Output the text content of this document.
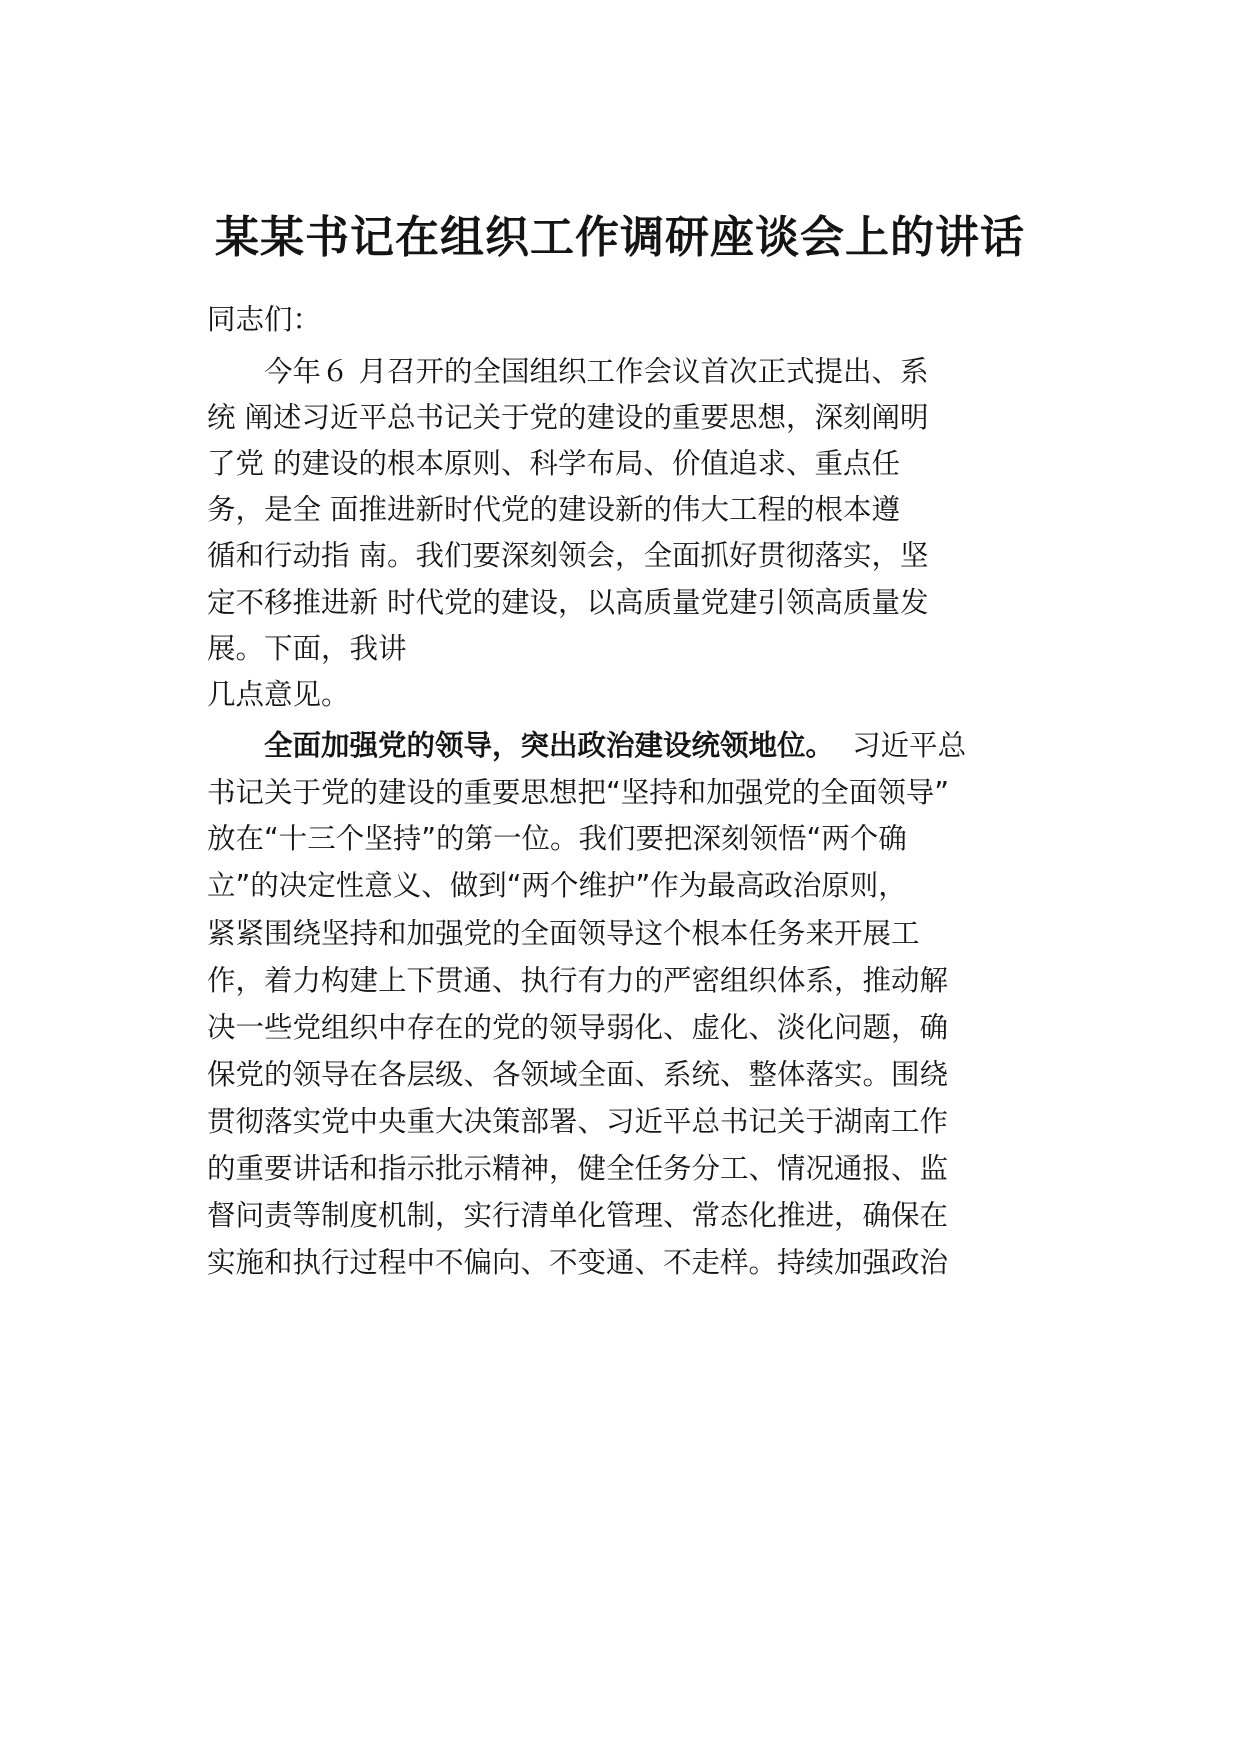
某某书记在组织工作调研座谈会上的讲话

同志们：

　　今年６ 月召开的全国组织工作会议首次正式提出、系

统 阐述习近平总书记关于党的建设的重要思想，深刻阐明

了党 的建设的根本原则、科学布局、价值追求、重点任

务，是全 面推进新时代党的建设新的伟大工程的根本遵

循和行动指 南。我们要深刻领会，全面抓好贯彻落实，坚

定不移推进新 时代党的建设，以高质量党建引领高质量发

展。下面，我讲

几点意见。

全面加强党的领导，突出政治建设统领地位。  习近平总

书记关于党的建设的重要思想把“坚持和加强党的全面领导”

放在“十三个坚持”的第一位。我们要把深刻领悟“两个确

立”的决定性意义、做到“两个维护”作为最高政治原则，

紧紧围绕坚持和加强党的全面领导这个根本任务来开展工

作，着力构建上下贯通、执行有力的严密组织体系，推动解

决一些党组织中存在的党的领导弱化、虚化、淡化问题，确

保党的领导在各层级、各领域全面、系统、整体落实。围绕

贯彻落实党中央重大决策部署、习近平总书记关于湖南工作

的重要讲话和指示批示精神，健全任务分工、情况通报、监

督问责等制度机制，实行清单化管理、常态化推进，确保在

实施和执行过程中不偏向、不变通、不走样。持续加强政治
